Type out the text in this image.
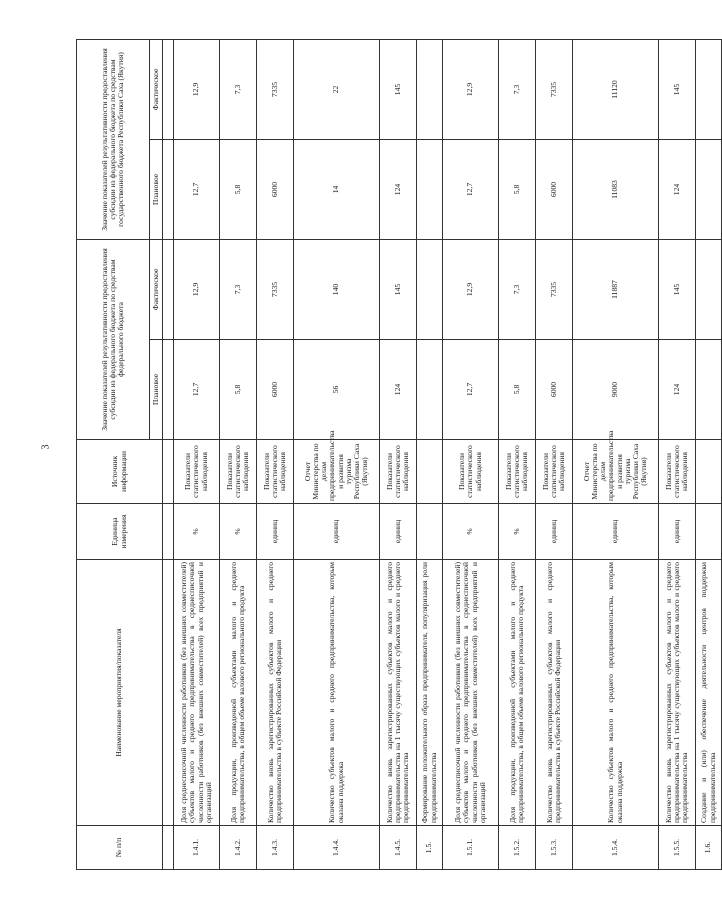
3
№ п/п	Наименование мероприятия/показателя	Единица измерения	Источник информации	Значение показателей результативности предоставления субсидии из федерального бюджета по средствам федерального бюджета		Значение показателей результативности предоставления субсидии из федерального бюджета по средствам государственного бюджета Республики Саха (Якутия)	
				Плановое	Фактическое	Плановое	Фактическое

1.4.1.	Доля среднесписочной численности работников (без внешних совместителей) субъектов малого и среднего предпринимательства в среднесписочной численности работников (без внешних совместителей) всех предприятий и организаций	%	Показатели статистического наблюдения	12,7	12,9	12,7	12,9
1.4.2.	Доля продукции, произведенной субъектами малого и среднего предпринимательства, в общем объеме валового регионального продукта	%	Показатели статистического наблюдения	5,8	7,3	5,8	7,3
1.4.3.	Количество вновь зарегистрированных субъектов малого и среднего предпринимательства в субъекте Российской Федерации	единиц	Показатели статистического наблюдения	6000	7335	6000	7335
1.4.4.	Количество субъектов малого и среднего предпринимательства, которым оказана поддержка	единиц	Отчет Министерства по делам предпринимательства и развития туризма Республики Саха (Якутия)	56	140	14	22
1.4.5.	Количество вновь зарегистрированных субъектов малого и среднего предпринимательства на 1 тысячу существующих субъектов малого и среднего предпринимательства	единиц	Показатели статистического наблюдения	124	145	124	145
1.5.	Формирование положительного образа предпринимателя, популяризация роли предпринимательства						
1.5.1.	Доля среднесписочной численности работников (без внешних совместителей) субъектов малого и среднего предпринимательства в среднесписочной численности работников (без внешних совместителей) всех предприятий и организаций	%	Показатели статистического наблюдения	12,7	12,9	12,7	12,9
1.5.2.	Доля продукции, произведенной субъектами малого и среднего предпринимательства, в общем объеме валового регионального продукта	%	Показатели статистического наблюдения	5,8	7,3	5,8	7,3
1.5.3.	Количество вновь зарегистрированных субъектов малого и среднего предпринимательства в субъекте Российской Федерации	единиц	Показатели статистического наблюдения	6000	7335	6000	7335
1.5.4.	Количество субъектов малого и среднего предпринимательства, которым оказана поддержка	единиц	Отчет Министерства по делам предпринимательства и развития туризма Республики Саха (Якутия)	9000	11887	11083	11120
1.5.5.	Количество вновь зарегистрированных субъектов малого и среднего предпринимательства на 1 тысячу существующих субъектов малого и среднего предпринимательства	единиц	Показатели статистического наблюдения	124	145	124	145
1.6.	Создание и (или) обеспечение деятельности центров поддержки предпринимательства						
